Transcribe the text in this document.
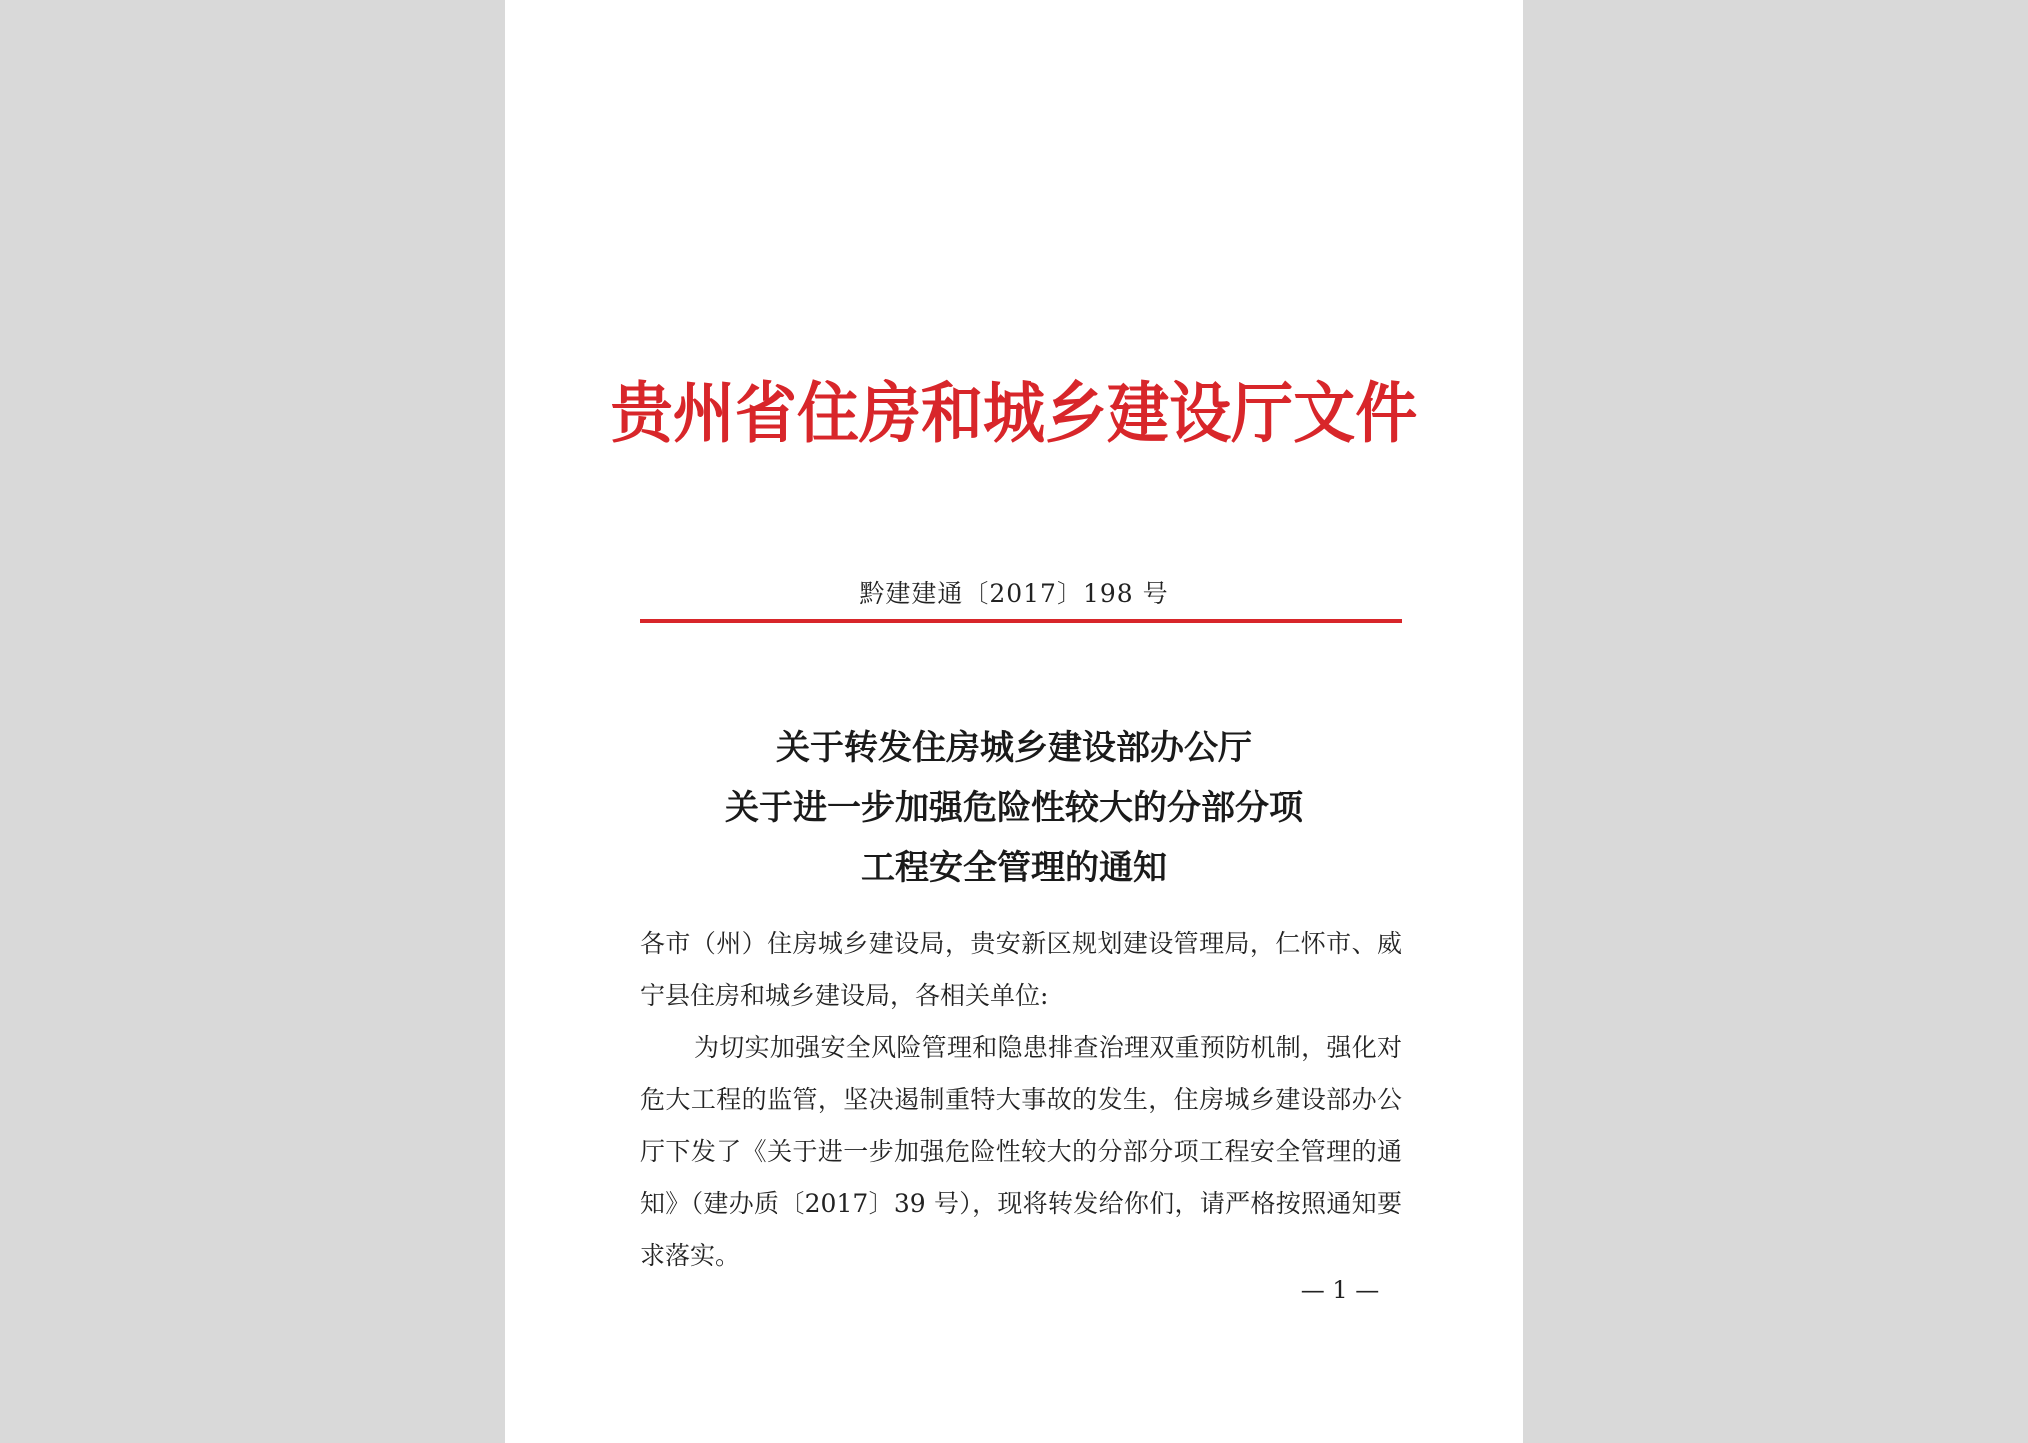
贵州省住房和城乡建设厅文件
黔建建通〔2017〕198 号
关于转发住房城乡建设部办公厅
关于进一步加强危险性较大的分部分项
工程安全管理的通知

各市（州）住房城乡建设局，贵安新区规划建设管理局，仁怀市、威宁县住房和城乡建设局，各相关单位:

为切实加强安全风险管理和隐患排查治理双重预防机制，强化对危大工程的监管，坚决遏制重特大事故的发生，住房城乡建设部办公厅下发了《关于进一步加强危险性较大的分部分项工程安全管理的通知》（建办质〔2017〕39 号），现将转发给你们，请严格按照通知要求落实。

— 1 —
